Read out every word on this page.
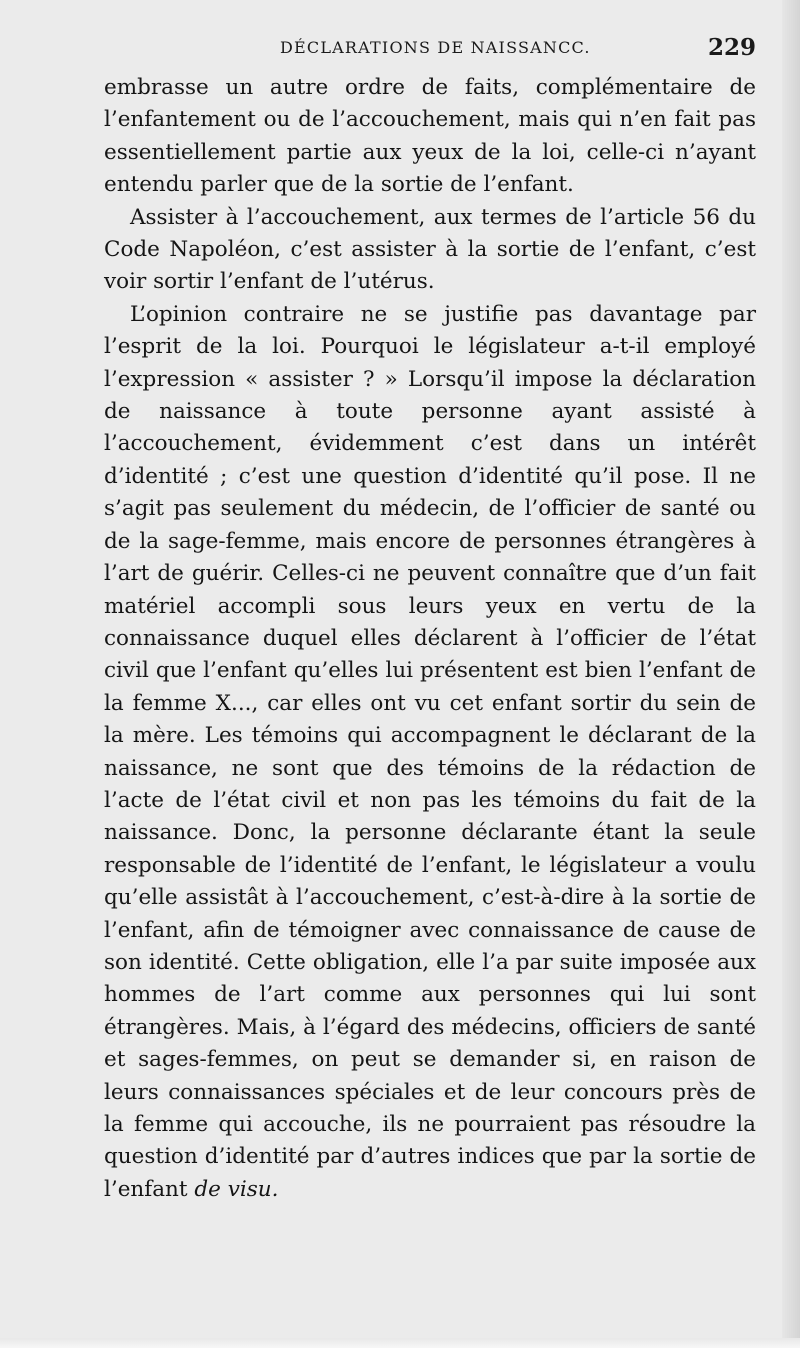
DÉCLARATIONS DE NAISSANCC.	229

embrasse un autre ordre de faits, complémentaire de l’enfantement ou de l’accouchement, mais qui n’en fait pas essentiellement partie aux yeux de la loi, celle-ci n’ayant entendu parler que de la sortie de l’enfant.

Assister à l’accouchement, aux termes de l’article 56 du Code Napoléon, c’est assister à la sortie de l’enfant, c’est voir sortir l’enfant de l’utérus.

L’opinion contraire ne se justifie pas davantage par l’esprit de la loi. Pourquoi le législateur a-t-il employé l’expression « assister ? » Lorsqu’il impose la déclaration de naissance à toute personne ayant assisté à l’accouchement, évidemment c’est dans un intérêt d’identité ; c’est une question d’identité qu’il pose. Il ne s’agit pas seulement du médecin, de l’officier de santé ou de la sage-femme, mais encore de personnes étrangères à l’art de guérir. Celles-ci ne peuvent connaître que d’un fait matériel accompli sous leurs yeux en vertu de la connaissance duquel elles déclarent à l’officier de l’état civil que l’enfant qu’elles lui présentent est bien l’enfant de la femme X..., car elles ont vu cet enfant sortir du sein de la mère. Les témoins qui accompagnent le déclarant de la naissance, ne sont que des témoins de la rédaction de l’acte de l’état civil et non pas les témoins du fait de la naissance. Donc, la personne déclarante étant la seule responsable de l’identité de l’enfant, le législateur a voulu qu’elle assistât à l’accouchement, c’est-à-dire à la sortie de l’enfant, afin de témoigner avec connaissance de cause de son identité. Cette obligation, elle l’a par suite imposée aux hommes de l’art comme aux personnes qui lui sont étrangères. Mais, à l’égard des médecins, officiers de santé et sages-femmes, on peut se demander si, en raison de leurs connaissances spéciales et de leur concours près de la femme qui accouche, ils ne pourraient pas résoudre la question d’identité par d’autres indices que par la sortie de l’enfant de visu.
